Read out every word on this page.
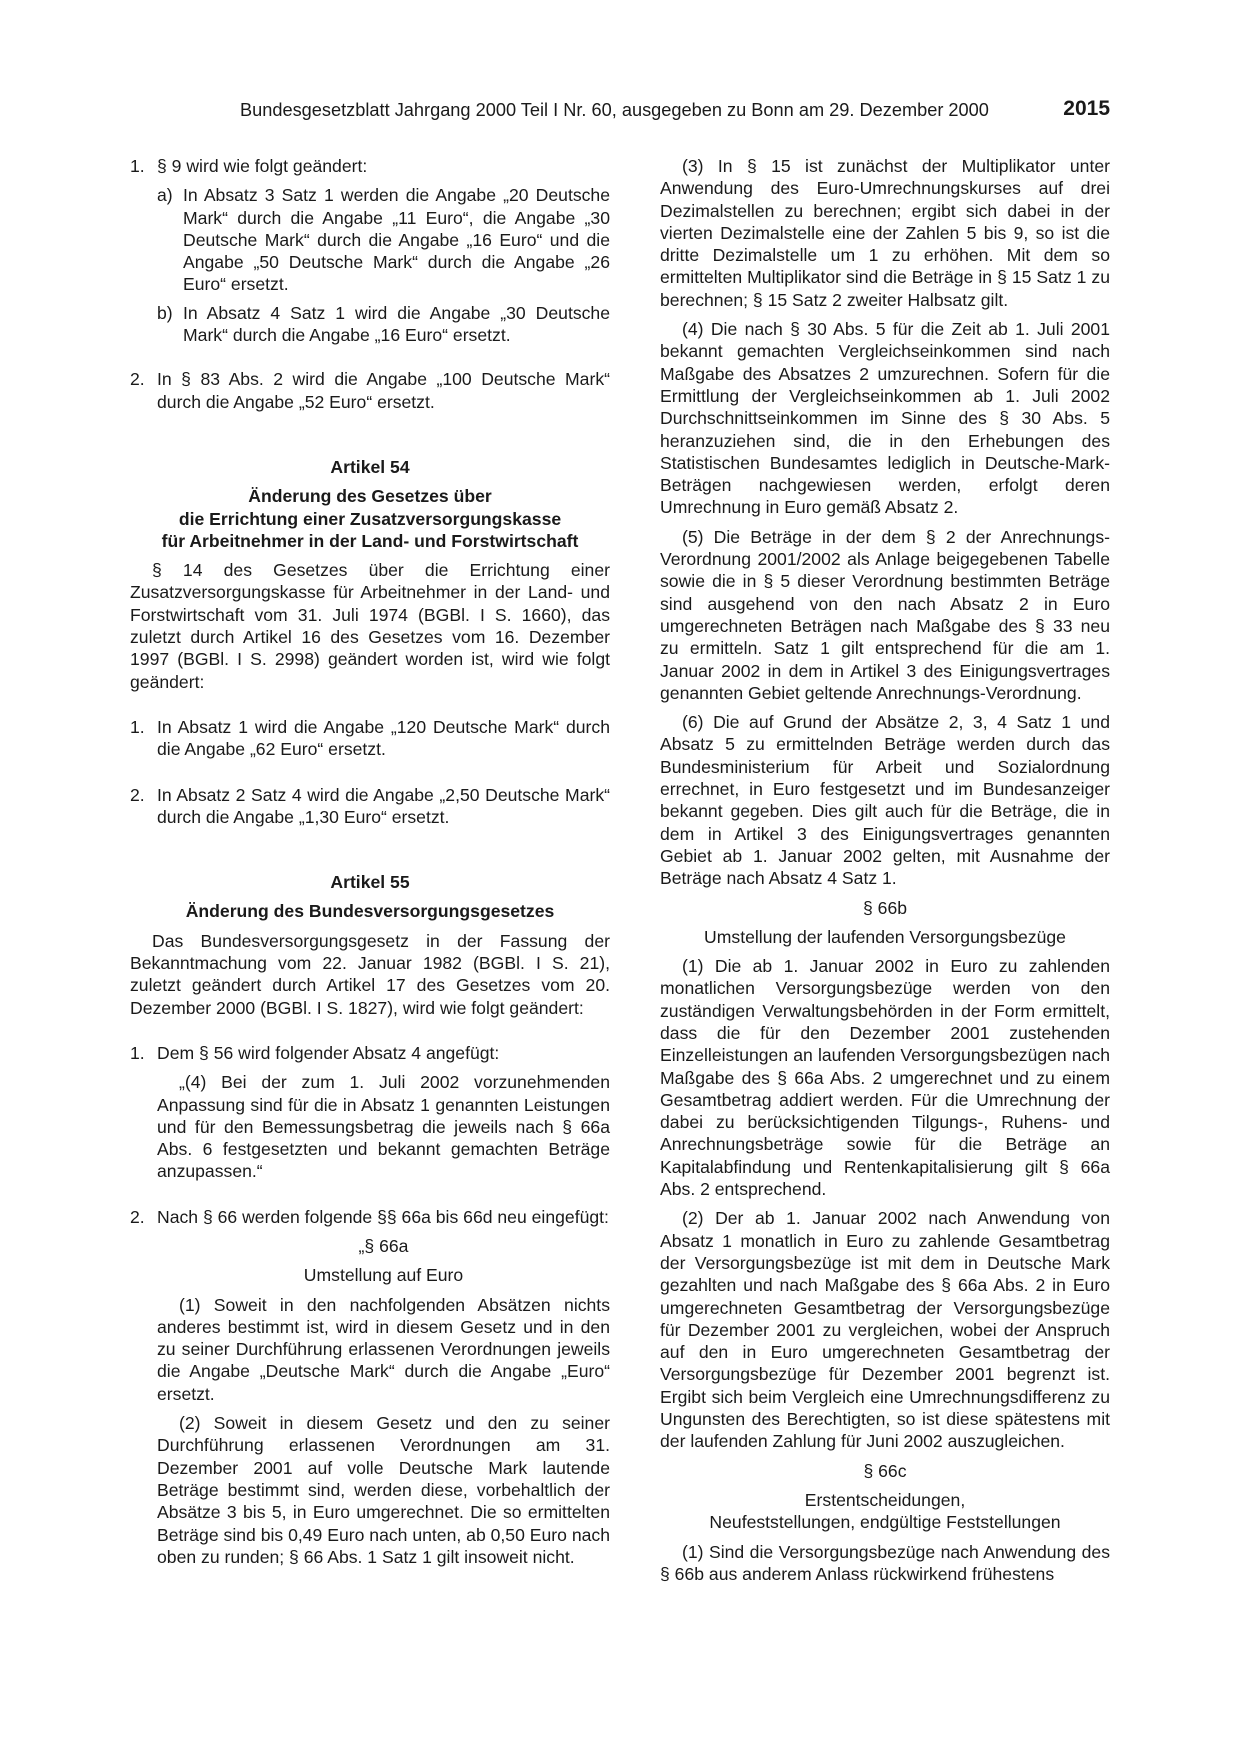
Bundesgesetzblatt Jahrgang 2000 Teil I Nr. 60, ausgegeben zu Bonn am 29. Dezember 2000	2015
1. § 9 wird wie folgt geändert:
a) In Absatz 3 Satz 1 werden die Angabe „20 Deutsche Mark“ durch die Angabe „11 Euro“, die Angabe „30 Deutsche Mark“ durch die Angabe „16 Euro“ und die Angabe „50 Deutsche Mark“ durch die Angabe „26 Euro“ ersetzt.
b) In Absatz 4 Satz 1 wird die Angabe „30 Deutsche Mark“ durch die Angabe „16 Euro“ ersetzt.
2. In § 83 Abs. 2 wird die Angabe „100 Deutsche Mark“ durch die Angabe „52 Euro“ ersetzt.

Artikel 54

Änderung des Gesetzes über
die Errichtung einer Zusatzversorgungskasse
für Arbeitnehmer in der Land- und Forstwirtschaft

§ 14 des Gesetzes über die Errichtung einer Zusatzversorgungskasse für Arbeitnehmer in der Land- und Forstwirtschaft vom 31. Juli 1974 (BGBl. I S. 1660), das zuletzt durch Artikel 16 des Gesetzes vom 16. Dezember 1997 (BGBl. I S. 2998) geändert worden ist, wird wie folgt geändert:

1. In Absatz 1 wird die Angabe „120 Deutsche Mark“ durch die Angabe „62 Euro“ ersetzt.
2. In Absatz 2 Satz 4 wird die Angabe „2,50 Deutsche Mark“ durch die Angabe „1,30 Euro“ ersetzt.

Artikel 55

Änderung des Bundesversorgungsgesetzes

Das Bundesversorgungsgesetz in der Fassung der Bekanntmachung vom 22. Januar 1982 (BGBl. I S. 21), zuletzt geändert durch Artikel 17 des Gesetzes vom 20. Dezember 2000 (BGBl. I S. 1827), wird wie folgt geändert:

1. Dem § 56 wird folgender Absatz 4 angefügt:

„(4) Bei der zum 1. Juli 2002 vorzunehmenden Anpassung sind für die in Absatz 1 genannten Leistungen und für den Bemessungsbetrag die jeweils nach § 66a Abs. 6 festgesetzten und bekannt gemachten Beträge anzupassen.“

2. Nach § 66 werden folgende §§ 66a bis 66d neu eingefügt:

„§ 66a

Umstellung auf Euro

(1) Soweit in den nachfolgenden Absätzen nichts anderes bestimmt ist, wird in diesem Gesetz und in den zu seiner Durchführung erlassenen Verordnungen jeweils die Angabe „Deutsche Mark“ durch die Angabe „Euro“ ersetzt.

(2) Soweit in diesem Gesetz und den zu seiner Durchführung erlassenen Verordnungen am 31. Dezember 2001 auf volle Deutsche Mark lautende Beträge bestimmt sind, werden diese, vorbehaltlich der Absätze 3 bis 5, in Euro umgerechnet. Die so ermittelten Beträge sind bis 0,49 Euro nach unten, ab 0,50 Euro nach oben zu runden; § 66 Abs. 1 Satz 1 gilt insoweit nicht.

(3) In § 15 ist zunächst der Multiplikator unter Anwendung des Euro-Umrechnungskurses auf drei Dezimalstellen zu berechnen; ergibt sich dabei in der vierten Dezimalstelle eine der Zahlen 5 bis 9, so ist die dritte Dezimalstelle um 1 zu erhöhen. Mit dem so ermittelten Multiplikator sind die Beträge in § 15 Satz 1 zu berechnen; § 15 Satz 2 zweiter Halbsatz gilt.

(4) Die nach § 30 Abs. 5 für die Zeit ab 1. Juli 2001 bekannt gemachten Vergleichseinkommen sind nach Maßgabe des Absatzes 2 umzurechnen. Sofern für die Ermittlung der Vergleichseinkommen ab 1. Juli 2002 Durchschnittseinkommen im Sinne des § 30 Abs. 5 heranzuziehen sind, die in den Erhebungen des Statistischen Bundesamtes lediglich in Deutsche-Mark-Beträgen nachgewiesen werden, erfolgt deren Umrechnung in Euro gemäß Absatz 2.

(5) Die Beträge in der dem § 2 der Anrechnungs-Verordnung 2001/2002 als Anlage beigegebenen Tabelle sowie die in § 5 dieser Verordnung bestimmten Beträge sind ausgehend von den nach Absatz 2 in Euro umgerechneten Beträgen nach Maßgabe des § 33 neu zu ermitteln. Satz 1 gilt entsprechend für die am 1. Januar 2002 in dem in Artikel 3 des Einigungsvertrages genannten Gebiet geltende Anrechnungs-Verordnung.

(6) Die auf Grund der Absätze 2, 3, 4 Satz 1 und Absatz 5 zu ermittelnden Beträge werden durch das Bundesministerium für Arbeit und Sozialordnung errechnet, in Euro festgesetzt und im Bundesanzeiger bekannt gegeben. Dies gilt auch für die Beträge, die in dem in Artikel 3 des Einigungsvertrages genannten Gebiet ab 1. Januar 2002 gelten, mit Ausnahme der Beträge nach Absatz 4 Satz 1.

§ 66b

Umstellung der laufenden Versorgungsbezüge

(1) Die ab 1. Januar 2002 in Euro zu zahlenden monatlichen Versorgungsbezüge werden von den zuständigen Verwaltungsbehörden in der Form ermittelt, dass die für den Dezember 2001 zustehenden Einzelleistungen an laufenden Versorgungsbezügen nach Maßgabe des § 66a Abs. 2 umgerechnet und zu einem Gesamtbetrag addiert werden. Für die Umrechnung der dabei zu berücksichtigenden Tilgungs-, Ruhens- und Anrechnungsbeträge sowie für die Beträge an Kapitalabfindung und Rentenkapitalisierung gilt § 66a Abs. 2 entsprechend.

(2) Der ab 1. Januar 2002 nach Anwendung von Absatz 1 monatlich in Euro zu zahlende Gesamtbetrag der Versorgungsbezüge ist mit dem in Deutsche Mark gezahlten und nach Maßgabe des § 66a Abs. 2 in Euro umgerechneten Gesamtbetrag der Versorgungsbezüge für Dezember 2001 zu vergleichen, wobei der Anspruch auf den in Euro umgerechneten Gesamtbetrag der Versorgungsbezüge für Dezember 2001 begrenzt ist. Ergibt sich beim Vergleich eine Umrechnungsdifferenz zu Ungunsten des Berechtigten, so ist diese spätestens mit der laufenden Zahlung für Juni 2002 auszugleichen.

§ 66c

Erstentscheidungen,
Neufeststellungen, endgültige Feststellungen

(1) Sind die Versorgungsbezüge nach Anwendung des § 66b aus anderem Anlass rückwirkend frühestens
